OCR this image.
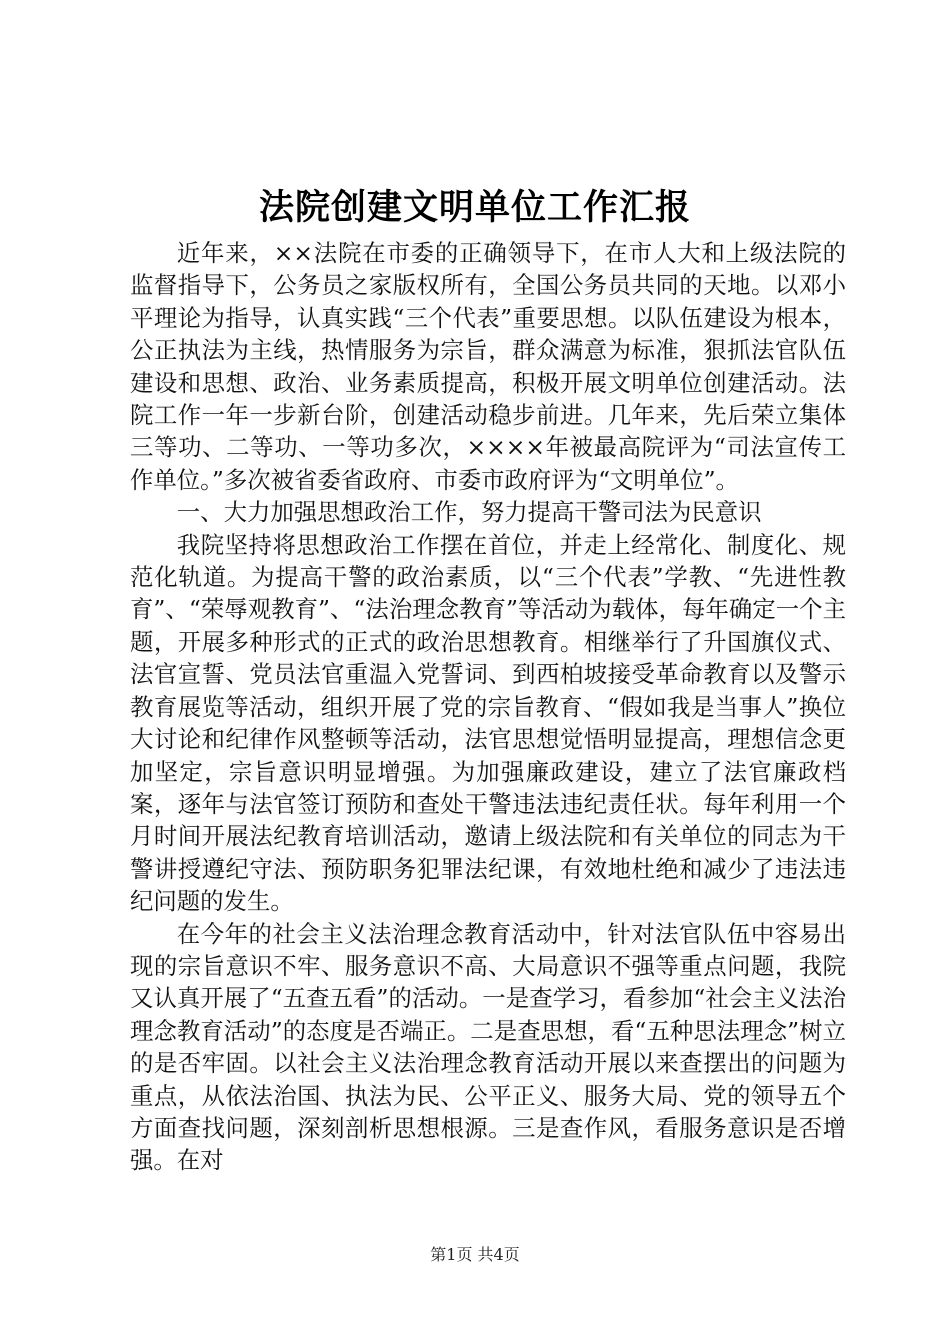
法院创建文明单位工作汇报

近年来，××法院在市委的正确领导下，在市人大和上级法院的监督指导下，公务员之家版权所有，全国公务员共同的天地。以邓小平理论为指导，认真实践“三个代表”重要思想。以队伍建设为根本，公正执法为主线，热情服务为宗旨，群众满意为标准，狠抓法官队伍建设和思想、政治、业务素质提高，积极开展文明单位创建活动。法院工作一年一步新台阶，创建活动稳步前进。几年来，先后荣立集体三等功、二等功、一等功多次，××××年被最高院评为“司法宣传工作单位。”多次被省委省政府、市委市政府评为“文明单位”。

一、大力加强思想政治工作，努力提高干警司法为民意识

我院坚持将思想政治工作摆在首位，并走上经常化、制度化、规范化轨道。为提高干警的政治素质，以“三个代表”学教、“先进性教育”、“荣辱观教育”、“法治理念教育”等活动为载体，每年确定一个主题，开展多种形式的正式的政治思想教育。相继举行了升国旗仪式、法官宣誓、党员法官重温入党誓词、到西柏坡接受革命教育以及警示教育展览等活动，组织开展了党的宗旨教育、“假如我是当事人”换位大讨论和纪律作风整顿等活动，法官思想觉悟明显提高，理想信念更加坚定，宗旨意识明显增强。为加强廉政建设，建立了法官廉政档案，逐年与法官签订预防和查处干警违法违纪责任状。每年利用一个月时间开展法纪教育培训活动，邀请上级法院和有关单位的同志为干警讲授遵纪守法、预防职务犯罪法纪课，有效地杜绝和减少了违法违纪问题的发生。

在今年的社会主义法治理念教育活动中，针对法官队伍中容易出现的宗旨意识不牢、服务意识不高、大局意识不强等重点问题，我院又认真开展了“五查五看”的活动。一是查学习，看参加“社会主义法治理念教育活动”的态度是否端正。二是查思想，看“五种思法理念”树立的是否牢固。以社会主义法治理念教育活动开展以来查摆出的问题为重点，从依法治国、执法为民、公平正义、服务大局、党的领导五个方面查找问题，深刻剖析思想根源。三是查作风，看服务意识是否增强。在对

第1页 共4页
